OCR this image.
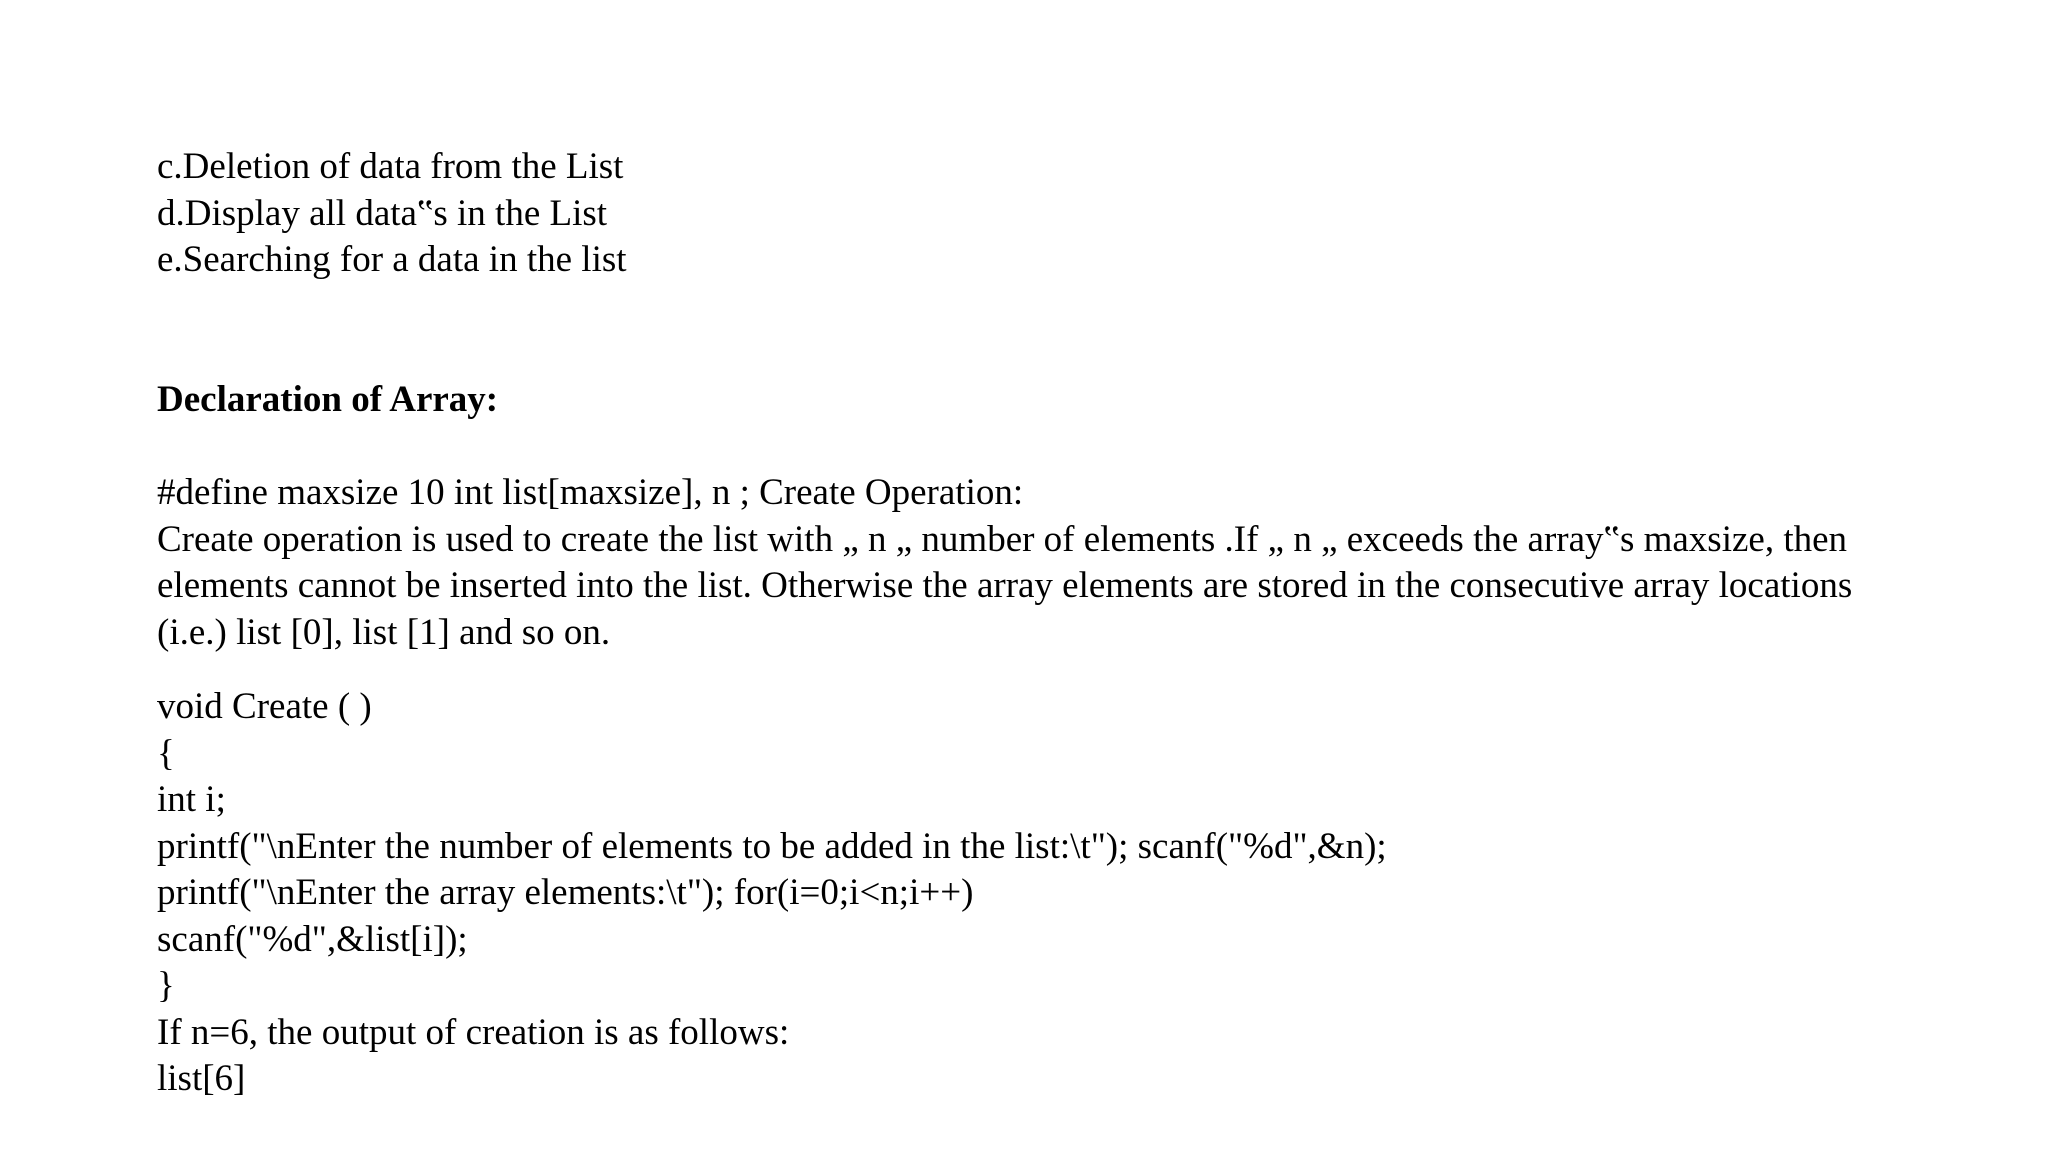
c.Deletion of data from the List
d.Display all data‟s in the List
e.Searching for a data in the list
Declaration of Array:
#define maxsize 10 int list[maxsize], n ; Create Operation:
Create operation is used to create the list with „ n „ number of elements .If „ n „ exceeds the array‟s maxsize, then
elements cannot be inserted into the list. Otherwise the array elements are stored in the consecutive array locations
(i.e.) list [0], list [1] and so on.
void Create ( )
{
int i;
printf("\nEnter the number of elements to be added in the list:\t"); scanf("%d",&n);
printf("\nEnter the array elements:\t"); for(i=0;i<n;i++)
scanf("%d",&list[i]);
}
If n=6, the output of creation is as follows:
list[6]
